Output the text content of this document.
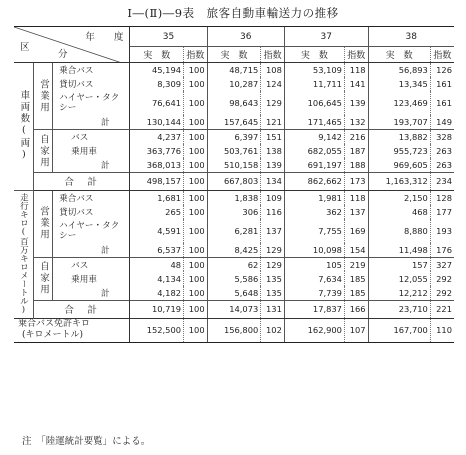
Ⅰ―(Ⅱ)―9表　旅客自動車輸送力の推移
年　　度
区
分			35		36		37		38	
			実　数	指数	実　数	指数	実　数	指数	実　数	指数

車両数(両)	営業用	乗合バス	45,194	100	48,715	108	53,109	118	56,893	126
		貸切バス	8,309	100	10,287	124	11,711	141	13,345	161
		ハイヤー・タクシー	76,641	100	98,643	129	106,645	139	123,469	161
		計	130,144	100	157,645	121	171,465	132	193,707	149

	自家用	バス	4,237	100	6,397	151	9,142	216	13,882	328
		乗用車	363,776	100	503,761	138	682,055	187	955,723	263
		計	368,013	100	510,158	139	691,197	188	969,605	263
	合　計		498,157	100	667,803	134	862,662	173	1,163,312	234

走行キロ(百万キロメートル)	営業用	乗合バス	1,681	100	1,838	109	1,981	118	2,150	128
		貸切バス	265	100	306	116	362	137	468	177
		ハイヤー・タクシー	4,591	100	6,281	137	7,755	169	8,880	193
		計	6,537	100	8,425	129	10,098	154	11,498	176

	自家用	バス	48	100	62	129	105	219	157	327
		乗用車	4,134	100	5,586	135	7,634	185	12,055	292
		計	4,182	100	5,648	135	7,739	185	12,212	292
	合　計		10,719	100	14,073	131	17,837	166	23,710	221

乗合バス免許キロ
(キロメートル)			152,500	100	156,800	102	162,900	107	167,700	110
注　「陸運統計要覧」による。
